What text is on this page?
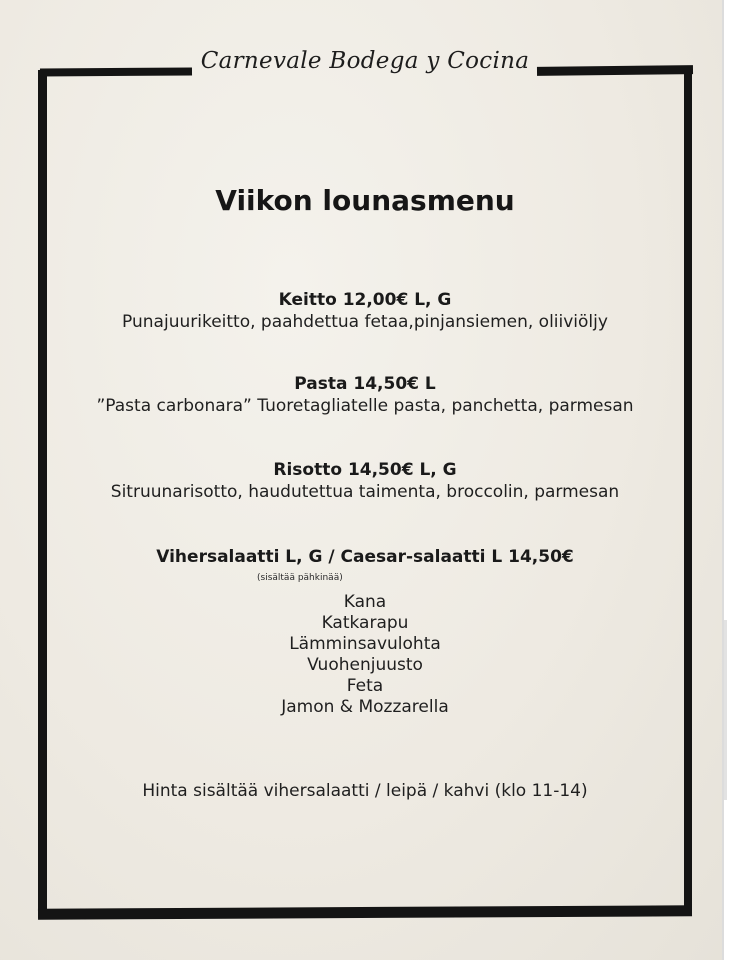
Carnevale Bodega y Cocina
Viikon lounasmenu
Keitto 12,00€ L, G
Punajuurikeitto, paahdettua fetaa,pinjansiemen, oliiviöljy
Pasta 14,50€ L
”Pasta carbonara” Tuoretagliatelle pasta, panchetta, parmesan
Risotto 14,50€ L, G
Sitruunarisotto, haudutettua taimenta, broccolin, parmesan
Vihersalaatti L, G / Caesar-salaatti L 14,50€
(sisältää pähkinää)
Kana
Katkarapu
Lämminsavulohta
Vuohenjuusto
Feta
Jamon & Mozzarella
Hinta sisältää vihersalaatti / leipä / kahvi (klo 11-14)
